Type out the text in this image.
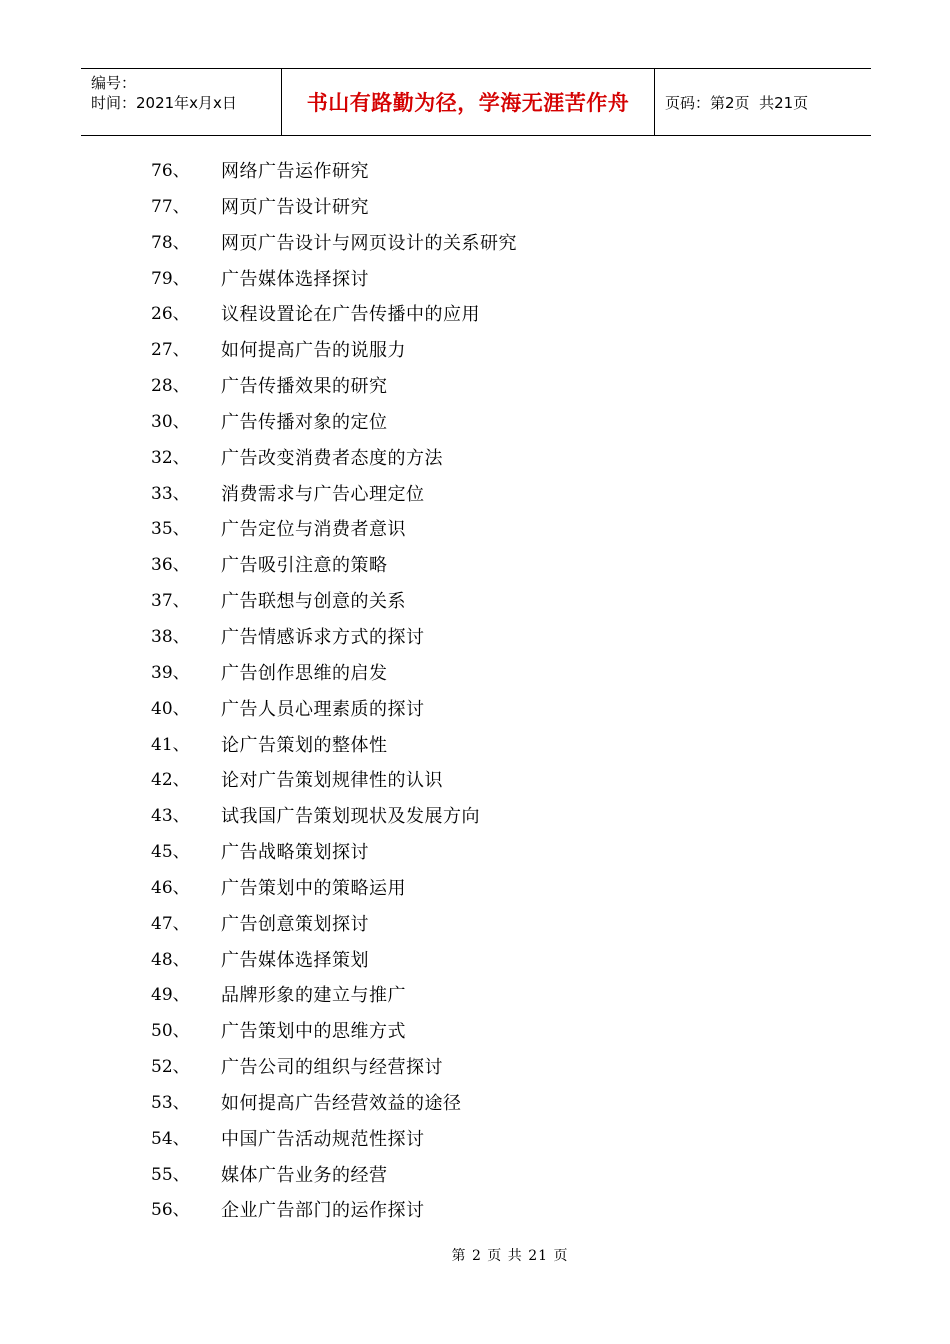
编号：
时间：2021年x月x日	书山有路勤为径，学海无涯苦作舟 页码：第2页  共21页
76、	网络广告运作研究
77、	网页广告设计研究
78、	网页广告设计与网页设计的关系研究
79、	广告媒体选择探讨
26、	议程设置论在广告传播中的应用
27、	如何提高广告的说服力
28、	广告传播效果的研究
30、	广告传播对象的定位
32、	广告改变消费者态度的方法
33、	消费需求与广告心理定位
35、	广告定位与消费者意识
36、	广告吸引注意的策略
37、	广告联想与创意的关系
38、	广告情感诉求方式的探讨
39、	广告创作思维的启发
40、	广告人员心理素质的探讨
41、	论广告策划的整体性
42、	论对广告策划规律性的认识
43、	试我国广告策划现状及发展方向
45、	广告战略策划探讨
46、	广告策划中的策略运用
47、	广告创意策划探讨
48、	广告媒体选择策划
49、	品牌形象的建立与推广
50、	广告策划中的思维方式
52、	广告公司的组织与经营探讨
53、	如何提高广告经营效益的途径
54、	中国广告活动规范性探讨
55、	媒体广告业务的经营
56、	企业广告部门的运作探讨
第 2 页 共 21 页
